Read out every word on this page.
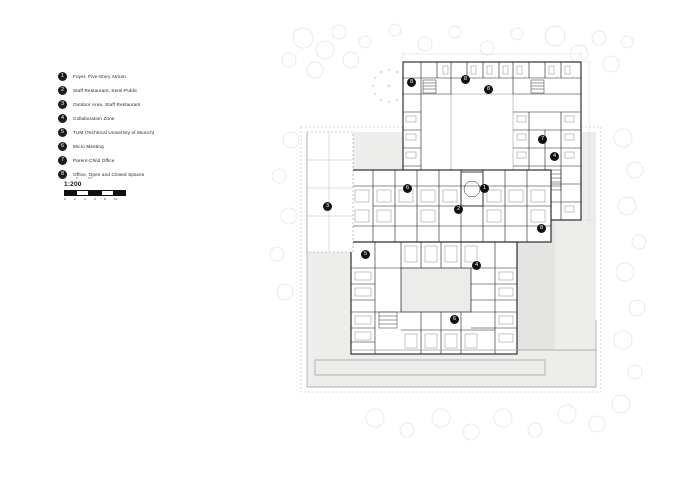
1	Foyer, Five-Story Atrium
2	Staff Restaurant, Semi-Public
3	Outdoor Area, Staff Restaurant
4	Collaboration Zone
5	TUM (Technical University of Munich)
6	Micro Meeting
7	Parent-Child Office
8	Office, Open and Closed Spaces
0	5	10
1:200
0	2	4	6	8	10
1
2
3
4
4
5
6
6
7
8	8
8
8
